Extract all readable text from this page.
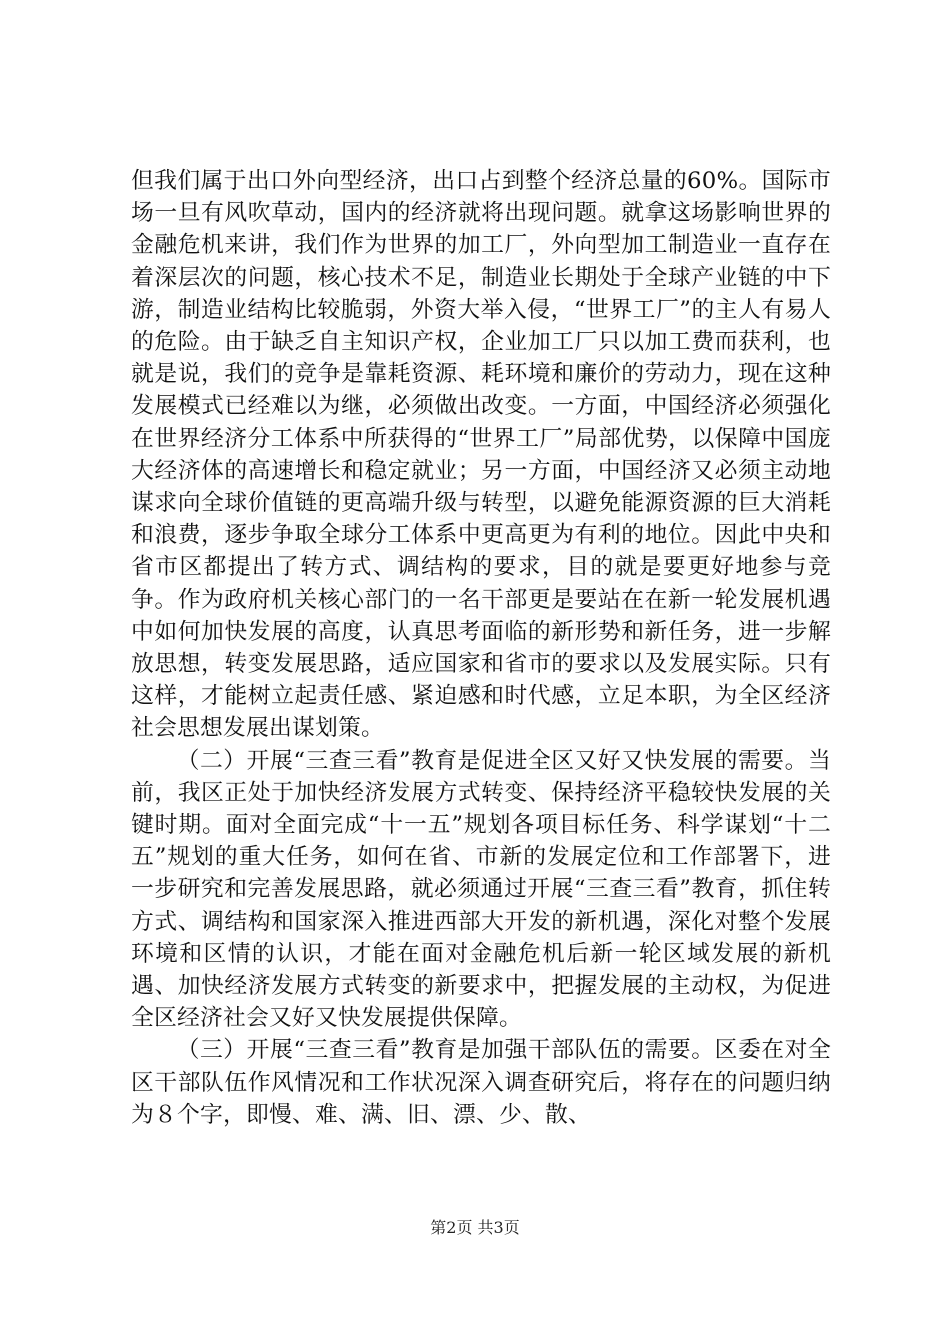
但我们属于出口外向型经济，出口占到整个经济总量的60%。国际市场一旦有风吹草动，国内的经济就将出现问题。就拿这场影响世界的金融危机来讲，我们作为世界的加工厂，外向型加工制造业一直存在着深层次的问题，核心技术不足，制造业长期处于全球产业链的中下游，制造业结构比较脆弱，外资大举入侵，“世界工厂”的主人有易人的危险。由于缺乏自主知识产权，企业加工厂只以加工费而获利，也就是说，我们的竞争是靠耗资源、耗环境和廉价的劳动力，现在这种发展模式已经难以为继，必须做出改变。一方面，中国经济必须强化在世界经济分工体系中所获得的“世界工厂”局部优势，以保障中国庞大经济体的高速增长和稳定就业；另一方面，中国经济又必须主动地谋求向全球价值链的更高端升级与转型，以避免能源资源的巨大消耗和浪费，逐步争取全球分工体系中更高更为有利的地位。因此中央和省市区都提出了转方式、调结构的要求，目的就是要更好地参与竞争。作为政府机关核心部门的一名干部更是要站在在新一轮发展机遇中如何加快发展的高度，认真思考面临的新形势和新任务，进一步解放思想，转变发展思路，适应国家和省市的要求以及发展实际。只有这样，才能树立起责任感、紧迫感和时代感，立足本职，为全区经济社会思想发展出谋划策。

（二）开展“三查三看”教育是促进全区又好又快发展的需要。当前，我区正处于加快经济发展方式转变、保持经济平稳较快发展的关键时期。面对全面完成“十一五”规划各项目标任务、科学谋划“十二五”规划的重大任务，如何在省、市新的发展定位和工作部署下，进一步研究和完善发展思路，就必须通过开展“三查三看”教育，抓住转方式、调结构和国家深入推进西部大开发的新机遇，深化对整个发展环境和区情的认识，才能在面对金融危机后新一轮区域发展的新机遇、加快经济发展方式转变的新要求中，把握发展的主动权，为促进全区经济社会又好又快发展提供保障。

（三）开展“三查三看”教育是加强干部队伍的需要。区委在对全区干部队伍作风情况和工作状况深入调查研究后，将存在的问题归纳为８个字，即慢、难、满、旧、漂、少、散、

第2页 共3页
